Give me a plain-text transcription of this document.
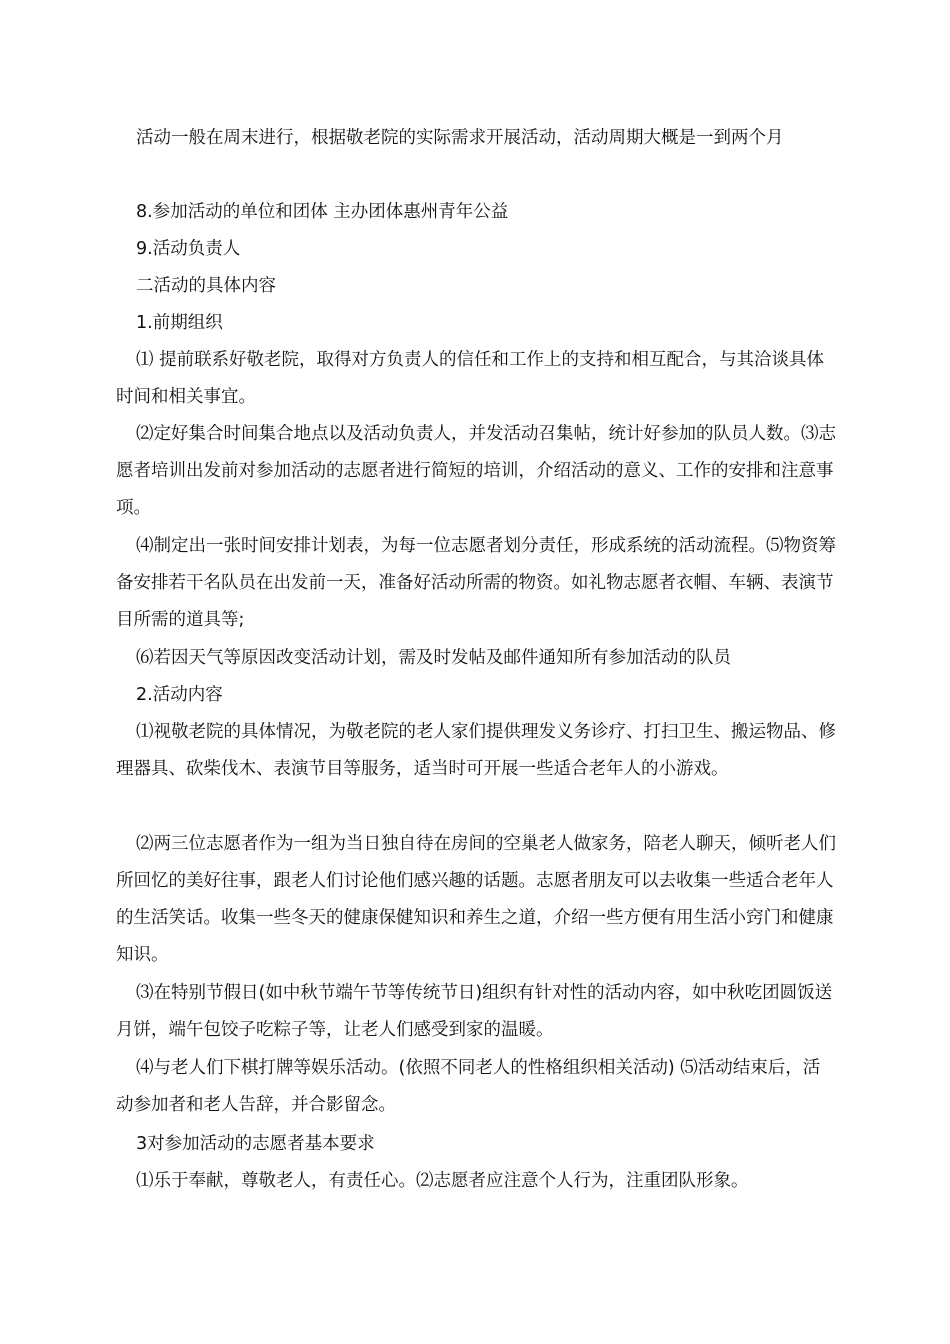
活动一般在周末进行，根据敬老院的实际需求开展活动，活动周期大概是一到两个月

8.参加活动的单位和团体 主办团体惠州青年公益

9.活动负责人

二活动的具体内容

1.前期组织

⑴ 提前联系好敬老院，取得对方负责人的信任和工作上的支持和相互配合，与其洽谈具体时间和相关事宜。

⑵定好集合时间集合地点以及活动负责人，并发活动召集帖，统计好参加的队员人数。⑶志愿者培训出发前对参加活动的志愿者进行简短的培训，介绍活动的意义、工作的安排和注意事项。

⑷制定出一张时间安排计划表，为每一位志愿者划分责任，形成系统的活动流程。⑸物资筹备安排若干名队员在出发前一天，准备好活动所需的物资。如礼物志愿者衣帽、车辆、表演节目所需的道具等;

⑹若因天气等原因改变活动计划，需及时发帖及邮件通知所有参加活动的队员

2.活动内容

⑴视敬老院的具体情况，为敬老院的老人家们提供理发义务诊疗、打扫卫生、搬运物品、修理器具、砍柴伐木、表演节目等服务，适当时可开展一些适合老年人的小游戏。

⑵两三位志愿者作为一组为当日独自待在房间的空巢老人做家务，陪老人聊天，倾听老人们所回忆的美好往事，跟老人们讨论他们感兴趣的话题。志愿者朋友可以去收集一些适合老年人的生活笑话。收集一些冬天的健康保健知识和养生之道，介绍一些方便有用生活小窍门和健康知识。

⑶在特别节假日(如中秋节端午节等传统节日)组织有针对性的活动内容，如中秋吃团圆饭送月饼，端午包饺子吃粽子等，让老人们感受到家的温暖。

⑷与老人们下棋打牌等娱乐活动。(依照不同老人的性格组织相关活动) ⑸活动结束后，活动参加者和老人告辞，并合影留念。

3对参加活动的志愿者基本要求

⑴乐于奉献，尊敬老人，有责任心。⑵志愿者应注意个人行为，注重团队形象。
